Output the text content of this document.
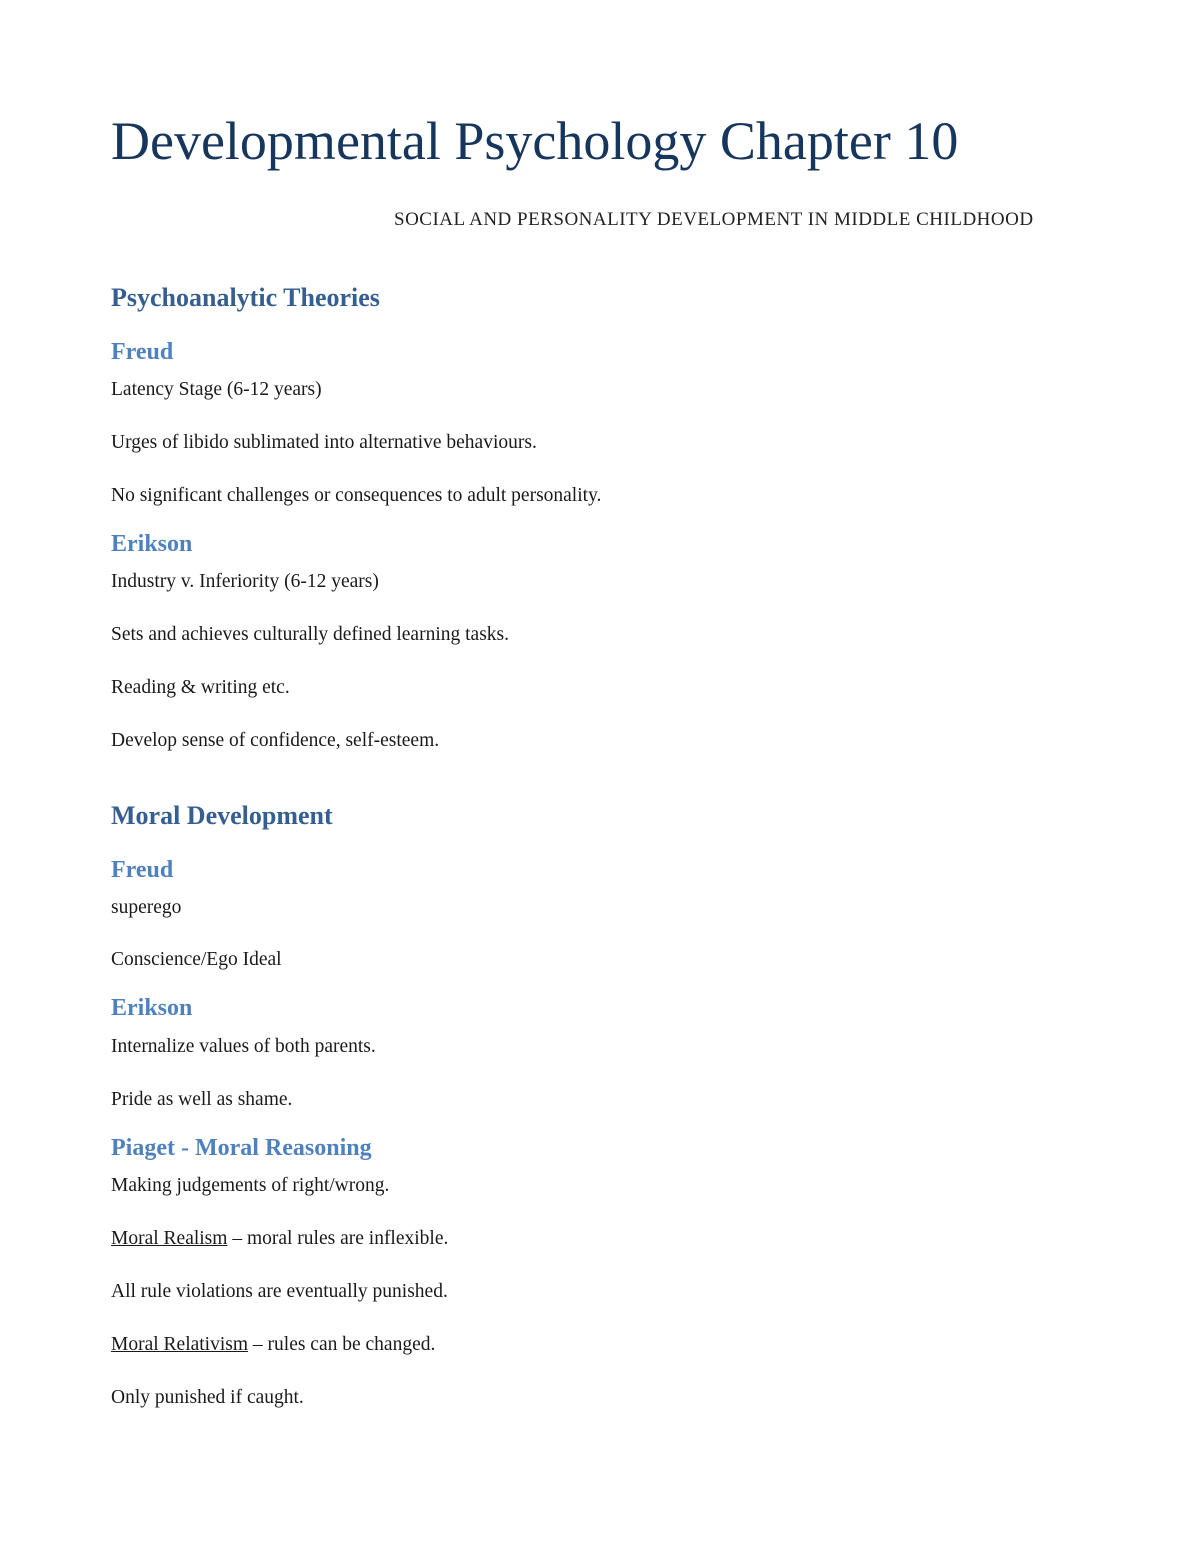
Developmental Psychology Chapter 10
SOCIAL AND PERSONALITY DEVELOPMENT IN MIDDLE CHILDHOOD
Psychoanalytic Theories
Freud
Latency Stage (6-12 years)
Urges of libido sublimated into alternative behaviours.
No significant challenges or consequences to adult personality.
Erikson
Industry v. Inferiority (6-12 years)
Sets and achieves culturally defined learning tasks.
Reading & writing etc.
Develop sense of confidence, self-esteem.
Moral Development
Freud
superego
Conscience/Ego Ideal
Erikson
Internalize values of both parents.
Pride as well as shame.
Piaget - Moral Reasoning
Making judgements of right/wrong.
Moral Realism – moral rules are inflexible.
All rule violations are eventually punished.
Moral Relativism – rules can be changed.
Only punished if caught.
